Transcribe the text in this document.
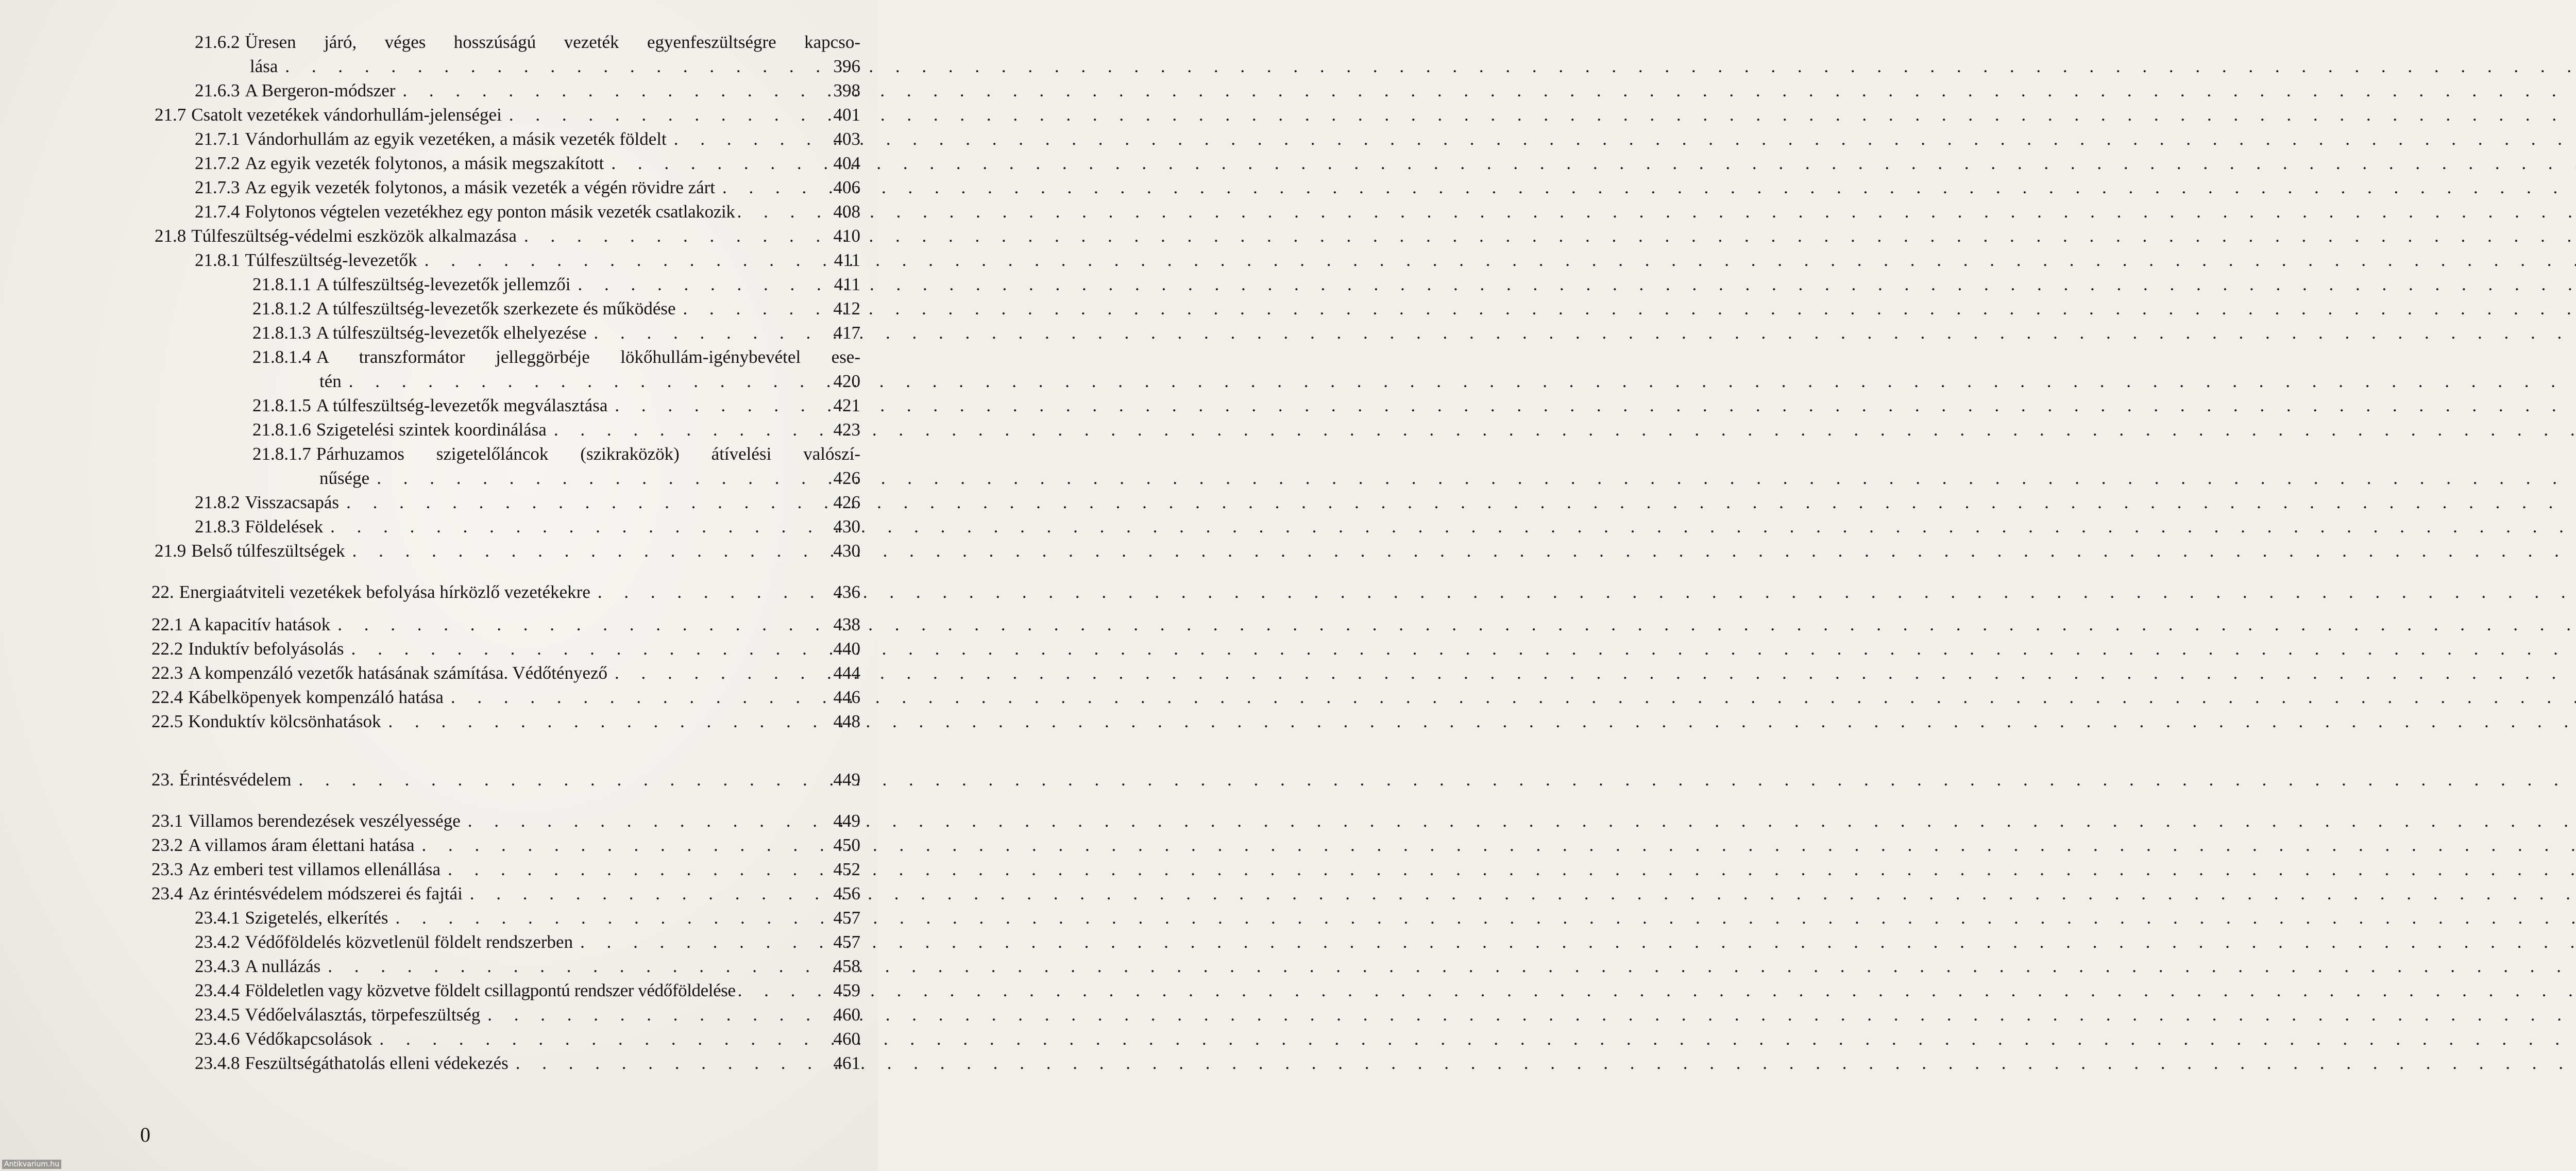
21.6.2 Üresen járó, véges hosszúságú vezeték egyenfeszültségre kapcso-
lása . . .	396
21.6.3 A Bergeron-módszer . . .	398
21.7 Csatolt vezetékek vándorhullám-jelenségei . . .	401
21.7.1 Vándorhullám az egyik vezetéken, a másik vezeték földelt . . .	403
21.7.2 Az egyik vezeték folytonos, a másik megszakított . . .	404
21.7.3 Az egyik vezeték folytonos, a másik vezeték a végén rövidre zárt . . .	406
21.7.4 Folytonos végtelen vezetékhez egy ponton másik vezeték csatlakozik . . .	408
21.8 Túlfeszültség-védelmi eszközök alkalmazása . . .	410
21.8.1 Túlfeszültség-levezetők . . .	411
21.8.1.1 A túlfeszültség-levezetők jellemzői . . .	411
21.8.1.2 A túlfeszültség-levezetők szerkezete és működése . . .	412
21.8.1.3 A túlfeszültség-levezetők elhelyezése . . .	417
21.8.1.4 A transzformátor jelleggörbéje lökőhullám-igénybevétel ese-
tén . . .	420
21.8.1.5 A túlfeszültség-levezetők megválasztása . . .	421
21.8.1.6 Szigetelési szintek koordinálása . . .	423
21.8.1.7 Párhuzamos szigetelőláncok (szikraközök) átívelési valószí-
nűsége . . .	426
21.8.2 Visszacsapás . . .	426
21.8.3 Földelések . . .	430
21.9 Belső túlfeszültségek . . .	430
22. Energiaátviteli vezetékek befolyása hírközlő vezetékekre . . .	436
22.1 A kapacitív hatások . . .	438
22.2 Induktív befolyásolás . . .	440
22.3 A kompenzáló vezetők hatásának számítása. Védőtényező . . .	444
22.4 Kábelköpenyek kompenzáló hatása . . .	446
22.5 Konduktív kölcsönhatások . . .	448
23. Érintésvédelem . . .	449
23.1 Villamos berendezések veszélyessége . . .	449
23.2 A villamos áram élettani hatása . . .	450
23.3 Az emberi test villamos ellenállása . . .	452
23.4 Az érintésvédelem módszerei és fajtái . . .	456
23.4.1 Szigetelés, elkerítés . . .	457
23.4.2 Védőföldelés közvetlenül földelt rendszerben . . .	457
23.4.3 A nullázás . . .	458
23.4.4 Földeletlen vagy közvetve földelt csillagpontú rendszer védőföldelése . . .	459
23.4.5 Védőelválasztás, törpefeszültség . . .	460
23.4.6 Védőkapcsolások . . .	460
23.4.8 Feszültségáthatolás elleni védekezés . . .	461
0
Antikvarium.hu
